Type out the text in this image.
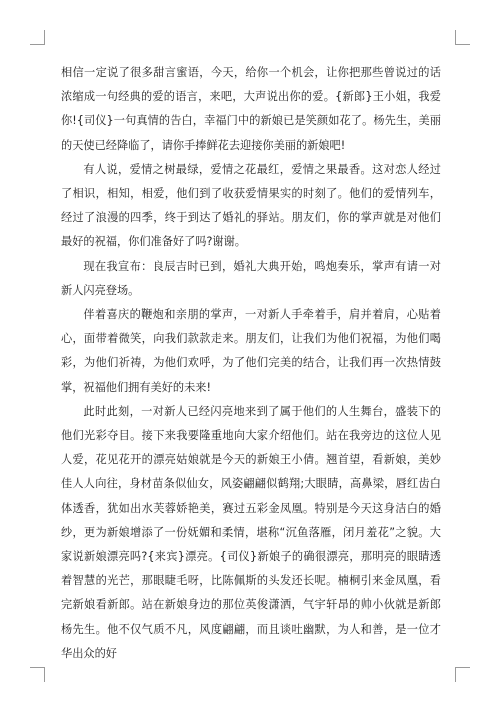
相信一定说了很多甜言蜜语，今天，给你一个机会，让你把那些曾说过的话浓缩成一句经典的爱的语言，来吧，大声说出你的爱。{新郎}王小姐，我爱你!{司仪}一句真情的告白，幸福门中的新娘已是笑颜如花了。杨先生，美丽的天使已经降临了，请你手捧鲜花去迎接你美丽的新娘吧!

有人说，爱情之树最绿，爱情之花最红，爱情之果最香。这对恋人经过了相识，相知，相爱，他们到了收获爱情果实的时刻了。他们的爱情列车，经过了浪漫的四季，终于到达了婚礼的驿站。朋友们，你的掌声就是对他们最好的祝福，你们准备好了吗?谢谢。

现在我宣布：良辰吉时已到，婚礼大典开始，鸣炮奏乐，掌声有请一对新人闪亮登场。

伴着喜庆的鞭炮和亲朋的掌声，一对新人手牵着手，肩并着肩，心贴着心，面带着微笑，向我们款款走来。朋友们，让我们为他们祝福，为他们喝彩，为他们祈祷，为他们欢呼，为了他们完美的结合，让我们再一次热情鼓掌，祝福他们拥有美好的未来!

此时此刻，一对新人已经闪亮地来到了属于他们的人生舞台，盛装下的他们光彩夺目。接下来我要隆重地向大家介绍他们。站在我旁边的这位人见人爱，花见花开的漂亮姑娘就是今天的新娘王小倩。翘首望，看新娘，美妙佳人人向往，身材苗条似仙女，风姿翩翩似鹤翔;大眼睛，高鼻梁，唇红齿白体透香，犹如出水芙蓉娇艳美，赛过五彩金凤凰。特别是今天这身洁白的婚纱，更为新娘增添了一份妩媚和柔情，堪称“沉鱼落雁，闭月羞花”之貌。大家说新娘漂亮吗?{来宾}漂亮。{司仪}新娘子的确很漂亮，那明亮的眼睛透着智慧的光芒，那眼睫毛呀，比陈佩斯的头发还长呢。楠桐引来金凤凰，看完新娘看新郎。站在新娘身边的那位英俊潇洒，气宇轩昂的帅小伙就是新郎杨先生。他不仅气质不凡，风度翩翩，而且谈吐幽默，为人和善，是一位才华出众的好
